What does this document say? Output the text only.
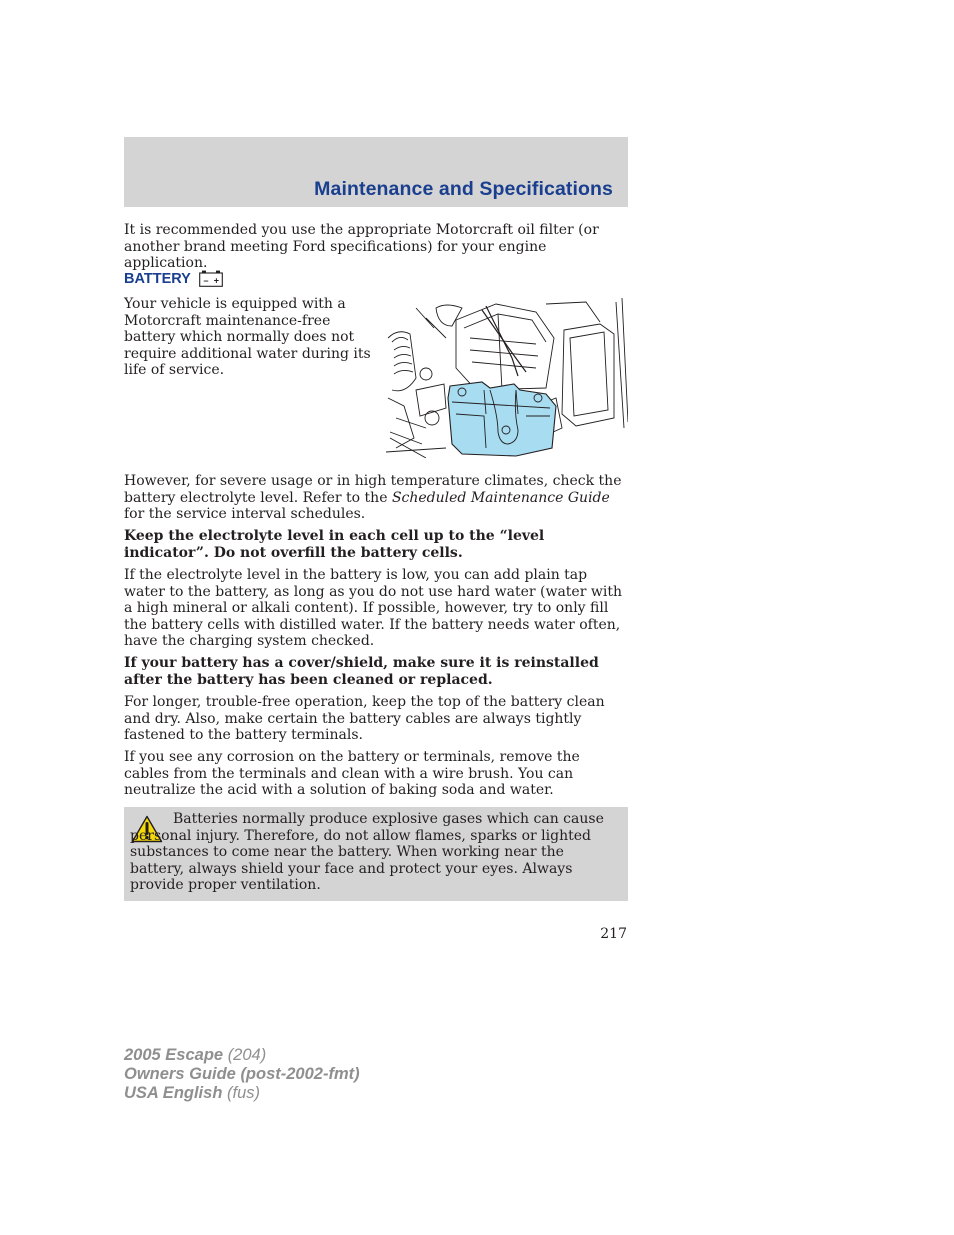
Maintenance and Specifications

It is recommended you use the appropriate Motorcraft oil filter (or another brand meeting Ford specifications) for your engine application.

BATTERY – +

Your vehicle is equipped with a Motorcraft maintenance-free battery which normally does not require additional water during its life of service.

However, for severe usage or in high temperature climates, check the battery electrolyte level. Refer to the Scheduled Maintenance Guide for the service interval schedules.

Keep the electrolyte level in each cell up to the “level indicator”. Do not overfill the battery cells.

If the electrolyte level in the battery is low, you can add plain tap water to the battery, as long as you do not use hard water (water with a high mineral or alkali content). If possible, however, try to only fill the battery cells with distilled water. If the battery needs water often, have the charging system checked.

If your battery has a cover/shield, make sure it is reinstalled after the battery has been cleaned or replaced.

For longer, trouble-free operation, keep the top of the battery clean and dry. Also, make certain the battery cables are always tightly fastened to the battery terminals.

If you see any corrosion on the battery or terminals, remove the cables from the terminals and clean with a wire brush. You can neutralize the acid with a solution of baking soda and water.

Batteries normally produce explosive gases which can cause personal injury. Therefore, do not allow flames, sparks or lighted substances to come near the battery. When working near the battery, always shield your face and protect your eyes. Always provide proper ventilation.

217
2005 Escape (204)
Owners Guide (post-2002-fmt)
USA English (fus)
